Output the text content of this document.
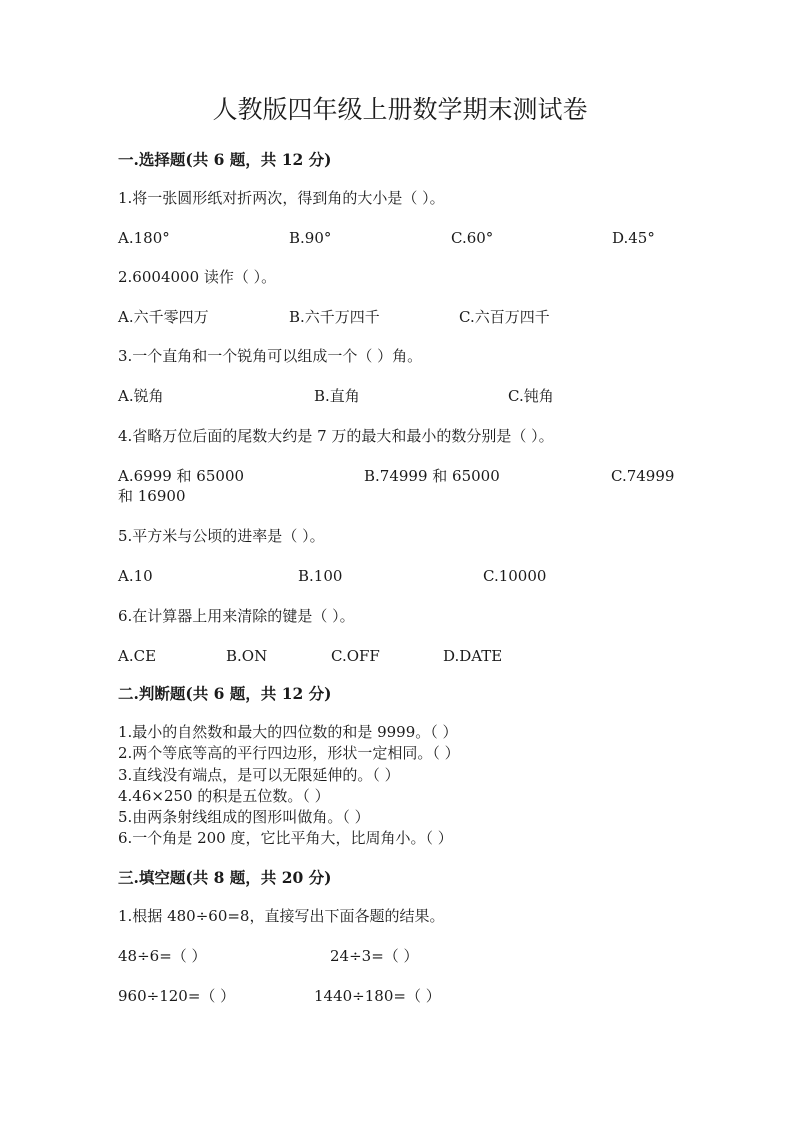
人教版四年级上册数学期末测试卷
一.选择题(共 6 题，共 12 分)
1.将一张圆形纸对折两次，得到角的大小是（ ）。
A.180°	B.90°	C.60°	D.45°
2.6004000 读作（ ）。
A.六千零四万	B.六千万四千	C.六百万四千
3.一个直角和一个锐角可以组成一个（ ）角。
A.锐角	B.直角	C.钝角
4.省略万位后面的尾数大约是 7 万的最大和最小的数分别是（ ）。
A.6999 和 65000	B.74999 和 65000	C.74999
和 16900
5.平方米与公顷的进率是（ ）。
A.10	B.100	C.10000
6.在计算器上用来清除的键是（ ）。
A.CE	B.ON	C.OFF	D.DATE
二.判断题(共 6 题，共 12 分)
1.最小的自然数和最大的四位数的和是 9999。（ ）
2.两个等底等高的平行四边形，形状一定相同。（ ）
3.直线没有端点，是可以无限延伸的。（ ）
4.46×250 的积是五位数。（ ）
5.由两条射线组成的图形叫做角。（ ）
6.一个角是 200 度，它比平角大，比周角小。（ ）
三.填空题(共 8 题，共 20 分)
1.根据 480÷60=8，直接写出下面各题的结果。
48÷6=（ ）	24÷3=（ ）
960÷120=（ ）	1440÷180=（ ）
